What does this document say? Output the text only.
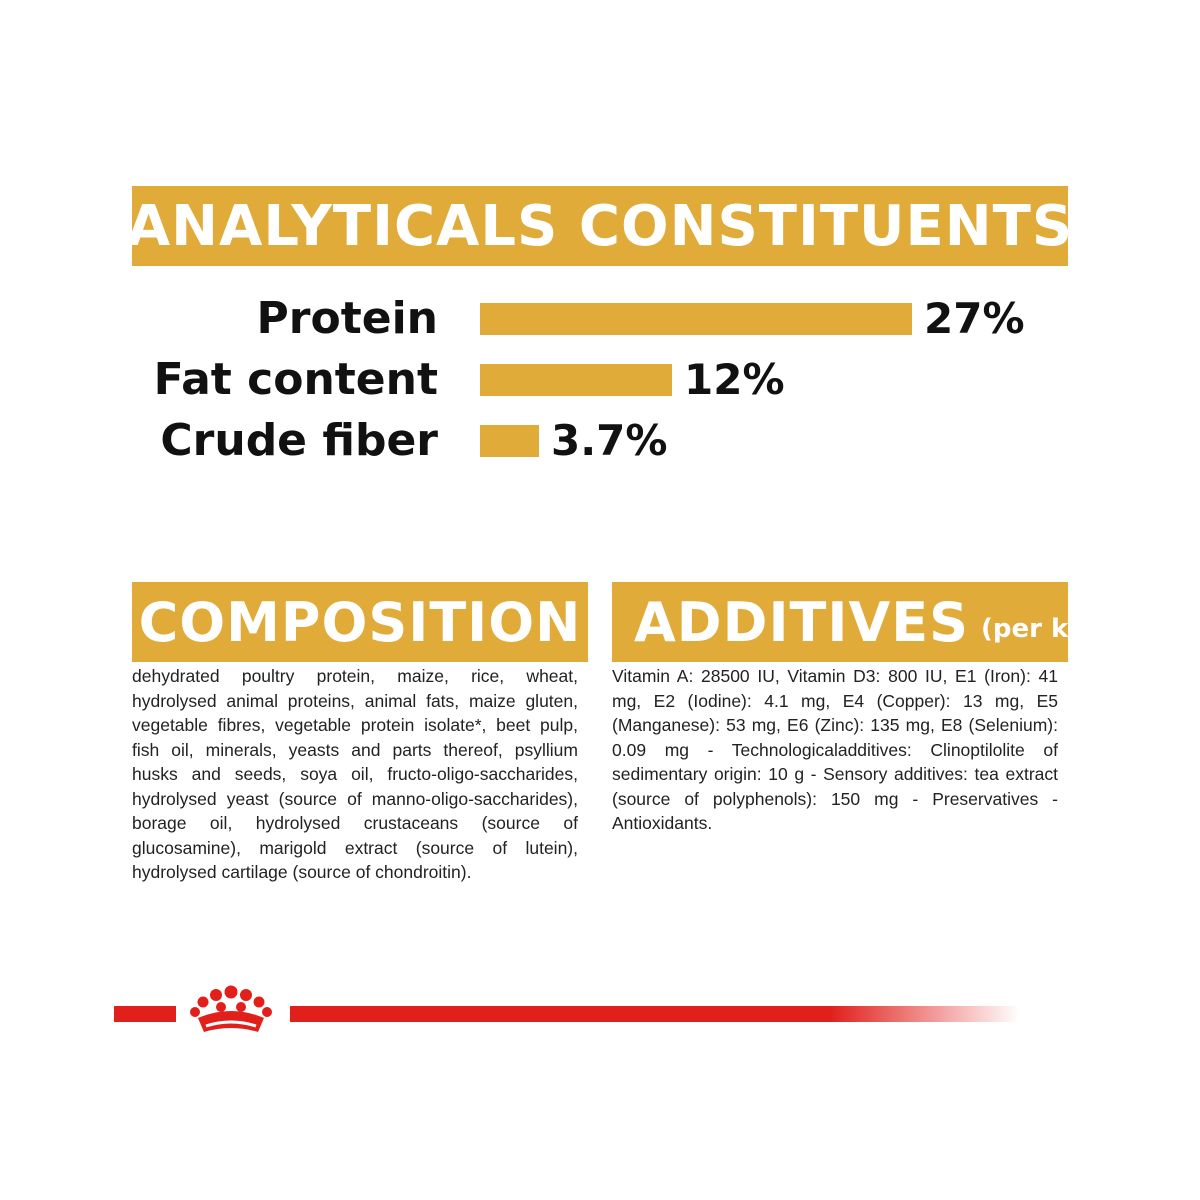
ANALYTICALS CONSTITUENTS
Protein	27%
Fat content	12%
Crude fiber	3.7%
COMPOSITION

dehydrated poultry protein, maize, rice, wheat, hydrolysed animal proteins, animal fats, maize gluten, vegetable fibres, vegetable protein isolate*, beet pulp, fish oil, minerals, yeasts and parts thereof, psyllium husks and seeds, soya oil, fructo-oligo-saccharides, hydrolysed yeast (source of manno-oligo-saccharides), borage oil, hydrolysed crustaceans (source of glucosamine), marigold extract (source of lutein), hydrolysed cartilage (source of chondroitin).

ADDITIVES (per kg)

Vitamin A: 28500 IU, Vitamin D3: 800 IU, E1 (Iron): 41 mg, E2 (Iodine): 4.1 mg, E4 (Copper): 13 mg, E5 (Manganese): 53 mg, E6 (Zinc): 135 mg, E8 (Selenium): 0.09 mg - Technologicaladditives: Clinoptilolite of sedimentary origin: 10 g - Sensory additives: tea extract (source of polyphenols): 150 mg - Preservatives - Antioxidants.
